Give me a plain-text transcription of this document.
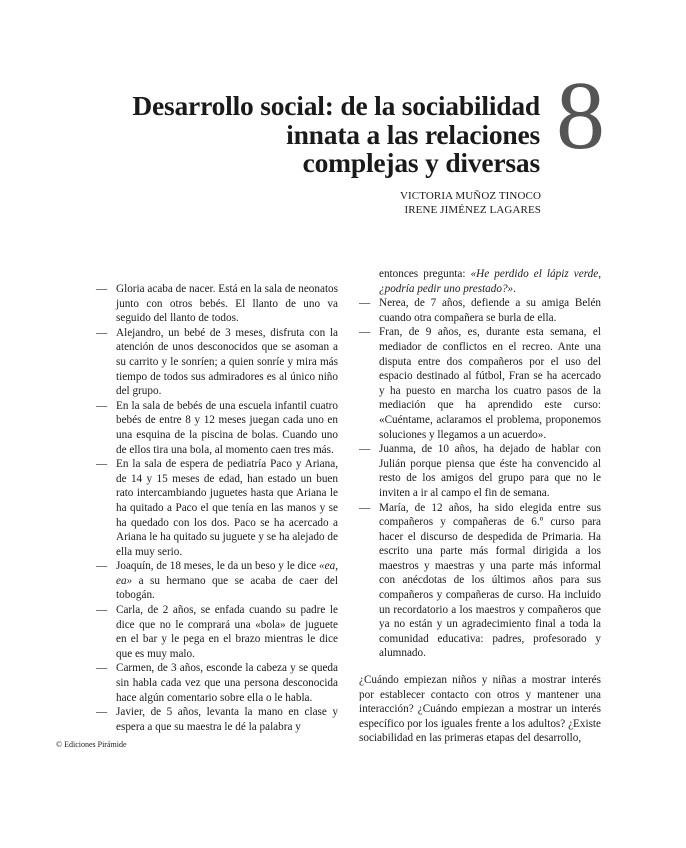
Desarrollo social: de la sociabilidad
innata a las relaciones
complejas y diversas 8
VICTORIA MUÑOZ TINOCO
IRENE JIMÉNEZ LAGARES
— Gloria acaba de nacer. Está en la sala de neonatos junto con otros bebés. El llanto de uno va seguido del llanto de todos.
— Alejandro, un bebé de 3 meses, disfruta con la atención de unos desconocidos que se asoman a su carrito y le sonríen; a quien sonríe y mira más tiempo de todos sus admiradores es al único niño del grupo.
— En la sala de bebés de una escuela infantil cuatro bebés de entre 8 y 12 meses juegan cada uno en una esquina de la piscina de bolas. Cuando uno de ellos tira una bola, al momento caen tres más.
— En la sala de espera de pediatría Paco y Ariana, de 14 y 15 meses de edad, han estado un buen rato intercambiando juguetes hasta que Ariana le ha quitado a Paco el que tenía en las manos y se ha quedado con los dos. Paco se ha acercado a Ariana le ha quitado su juguete y se ha alejado de ella muy serio.
— Joaquín, de 18 meses, le da un beso y le dice «ea, ea» a su hermano que se acaba de caer del tobogán.
— Carla, de 2 años, se enfada cuando su padre le dice que no le comprará una «bola» de juguete en el bar y le pega en el brazo mientras le dice que es muy malo.
— Carmen, de 3 años, esconde la cabeza y se queda sin habla cada vez que una persona desconocida hace algún comentario sobre ella o le habla.
— Javier, de 5 años, levanta la mano en clase y espera a que su maestra le dé la palabra y
entonces pregunta: «He perdido el lápiz verde, ¿podría pedir uno prestado?».
— Nerea, de 7 años, defiende a su amiga Belén cuando otra compañera se burla de ella.
— Fran, de 9 años, es, durante esta semana, el mediador de conflictos en el recreo. Ante una disputa entre dos compañeros por el uso del espacio destinado al fútbol, Fran se ha acercado y ha puesto en marcha los cuatro pasos de la mediación que ha aprendido este curso: «Cuéntame, aclaramos el problema, proponemos soluciones y llegamos a un acuerdo».
— Juanma, de 10 años, ha dejado de hablar con Julián porque piensa que éste ha convencido al resto de los amigos del grupo para que no le inviten a ir al campo el fin de semana.
— María, de 12 años, ha sido elegida entre sus compañeros y compañeras de 6.º curso para hacer el discurso de despedida de Primaria. Ha escrito una parte más formal dirigida a los maestros y maestras y una parte más informal con anécdotas de los últimos años para sus compañeros y compañeras de curso. Ha incluido un recordatorio a los maestros y compañeros que ya no están y un agradecimiento final a toda la comunidad educativa: padres, profesorado y alumnado.

¿Cuándo empiezan niños y niñas a mostrar interés por establecer contacto con otros y mantener una interacción? ¿Cuándo empiezan a mostrar un interés específico por los iguales frente a los adultos? ¿Existe sociabilidad en las primeras etapas del desarrollo,

© Ediciones Pirámide
